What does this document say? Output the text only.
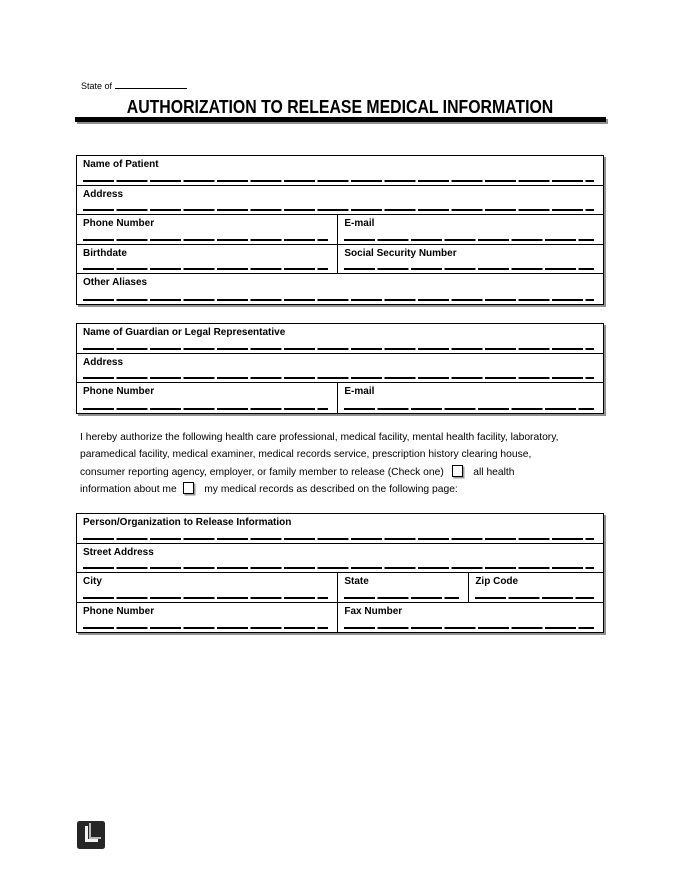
State of
AUTHORIZATION TO RELEASE MEDICAL INFORMATION
Name of Patient
Address
Phone Number	E-mail
Birthdate	Social Security Number
Other Aliases
Name of Guardian or Legal Representative
Address
Phone Number	E-mail
I hereby authorize the following health care professional, medical facility, mental health facility, laboratory,
paramedical facility, medical examiner, medical records service, prescription history clearing house,
consumer reporting agency, employer, or family member to release (Check one)	all health
information about me	my medical records as described on the following page:
Person/Organization to Release Information
Street Address
City	State	Zip Code
Phone Number	Fax Number
